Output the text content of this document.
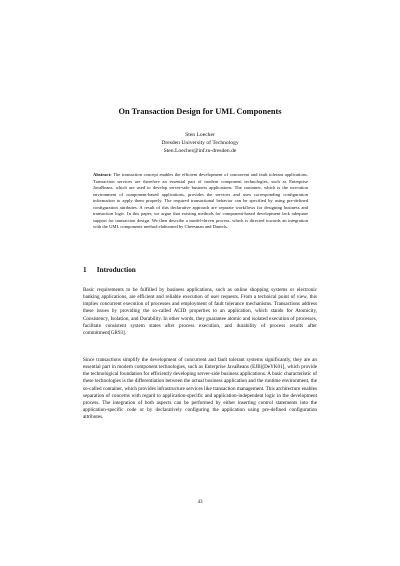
On Transaction Design for UML Components
Sten Loecher
Dresden University of Technology
Sten.Loecher@inf.tu-dresden.de
Abstract: The transaction concept enables the efficient development of concurrent and fault tolerant applications. Transaction services are therefore an essential part of modern component technologies, such as Enterprise JavaBeans, which are used to develop server-side business applications. The container, which is the execution environment of component-based applications, provides the services and uses corresponding configuration information to apply them properly. The required transactional behavior can be specified by using pre-defined configuration attributes. A result of this declarative approach are separate workflows for designing business and transaction logic. In this paper, we argue that existing methods for component-based development lack adequate support for transaction design. We then describe a model-driven process, which is directed towards an integration with the UML components method elaborated by Cheesman and Daniels.
1 Introduction
Basic requirements to be fulfilled by business applications, such as online shopping systems or electronic banking applications, are efficient and reliable execution of user requests. From a technical point of view, this implies concurrent execution of processes and employment of fault tolerance mechanisms. Transactions address these issues by providing the so-called ACID properties to an application, which stands for Atomicity, Consistency, Isolation, and Durability. In other words, they guarantee atomic and isolated execution of processes, facilitate consistent system states after process execution, and durability of process results after commitment[GR93].
Since transactions simplify the development of concurrent and fault tolerant systems significantly, they are an essential part in modern component technologies, such as Enterprise JavaBeans (EJB)[DeYK01], which provide the technological foundation for efficiently developing server-side business applications. A basic characteristic of these technologies is the differentiation between the actual business application and the runtime environment, the so-called container, which provides infrastructure services like transaction management. This architecture enables separation of concerns with regard to application-specific and application-independent logic in the development process. The integration of both aspects can be performed by either inserting control statements into the application-specific code or by declaratively configuring the application using pre-defined configuration attributes.
43
